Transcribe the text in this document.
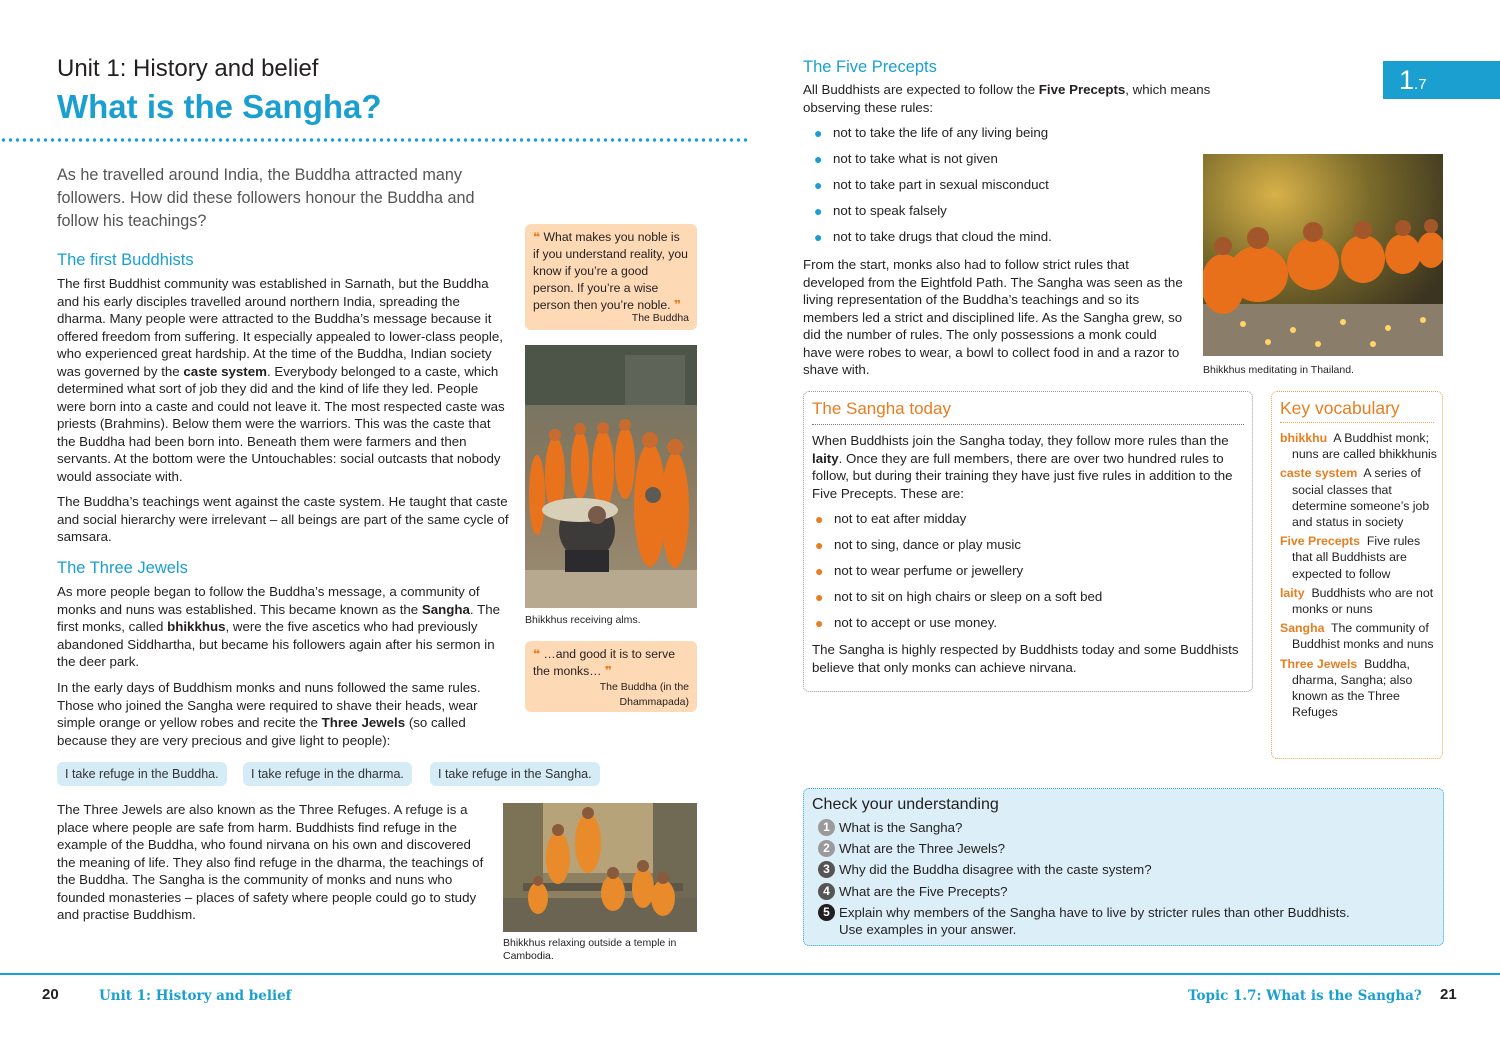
Unit 1: History and belief
What is the Sangha?

As he travelled around India, the Buddha attracted many followers. How did these followers honour the Buddha and follow his teachings?

The first Buddhists

The first Buddhist community was established in Sarnath, but the Buddha and his early disciples travelled around northern India, spreading the dharma. Many people were attracted to the Buddha’s message because it offered freedom from suffering. It especially appealed to lower-class people, who experienced great hardship. At the time of the Buddha, Indian society was governed by the caste system. Everybody belonged to a caste, which determined what sort of job they did and the kind of life they led. People were born into a caste and could not leave it. The most respected caste was priests (Brahmins). Below them were the warriors. This was the caste that the Buddha had been born into. Beneath them were farmers and then servants. At the bottom were the Untouchables: social outcasts that nobody would associate with.

The Buddha’s teachings went against the caste system. He taught that caste and social hierarchy were irrelevant – all beings are part of the same cycle of samsara.

The Three Jewels

As more people began to follow the Buddha’s message, a community of monks and nuns was established. This became known as the Sangha. The first monks, called bhikkhus, were the five ascetics who had previously abandoned Siddhartha, but became his followers again after his sermon in the deer park.

In the early days of Buddhism monks and nuns followed the same rules. Those who joined the Sangha were required to shave their heads, wear simple orange or yellow robes and recite the Three Jewels (so called because they are very precious and give light to people):

I take refuge in the Buddha.	I take refuge in the dharma.	I take refuge in the Sangha.

The Three Jewels are also known as the Three Refuges. A refuge is a place where people are safe from harm. Buddhists find refuge in the example of the Buddha, who found nirvana on his own and discovered the meaning of life. They also find refuge in the dharma, the teachings of the Buddha. The Sangha is the community of monks and nuns who founded monasteries – places of safety where people could go to study and practise Buddhism.

❝ What makes you noble is if you understand reality, you know if you’re a good person. If you’re a wise person then you’re noble. ❞
The Buddha
Bhikkhus receiving alms.
❝ …and good it is to serve the monks… ❞
The Buddha (in the Dhammapada)
Bhikkhus relaxing outside a temple in Cambodia.
The Five Precepts

All Buddhists are expected to follow the Five Precepts, which means observing these rules:

1.7
● not to take the life of any living being
● not to take what is not given
● not to take part in sexual misconduct
● not to speak falsely
● not to take drugs that cloud the mind.

From the start, monks also had to follow strict rules that developed from the Eightfold Path. The Sangha was seen as the living representation of the Buddha’s teachings and so its members led a strict and disciplined life. As the Sangha grew, so did the number of rules. The only possessions a monk could have were robes to wear, a bowl to collect food in and a razor to shave with.	Bhikkhus meditating in Thailand.
The Sangha today

When Buddhists join the Sangha today, they follow more rules than the laity. Once they are full members, there are over two hundred rules to follow, but during their training they have just five rules in addition to the Five Precepts. These are:

● not to eat after midday
● not to sing, dance or play music
● not to wear perfume or jewellery
● not to sit on high chairs or sleep on a soft bed
● not to accept or use money.

The Sangha is highly respected by Buddhists today and some Buddhists believe that only monks can achieve nirvana.

Key vocabulary
bhikkhu A Buddhist monk; nuns are called bhikkhunis
caste system A series of social classes that determine someone’s job and status in society
Five Precepts Five rules that all Buddhists are expected to follow
laity Buddhists who are not monks or nuns
Sangha The community of Buddhist monks and nuns
Three Jewels Buddha, dharma, Sangha; also known as the Three Refuges
Check your understanding
1 What is the Sangha?
2 What are the Three Jewels?
3 Why did the Buddha disagree with the caste system?
4 What are the Five Precepts?
5 Explain why members of the Sangha have to live by stricter rules than other Buddhists. Use examples in your answer.
20	Unit 1: History and belief	Topic 1.7: What is the Sangha? 21
